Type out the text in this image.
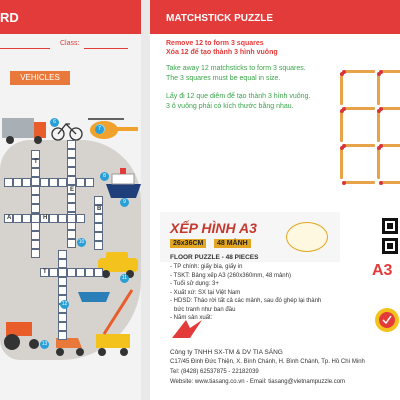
RD
Class:
VEHICLES
T
E
A	H
B
T
6
7
8
9
10
11
12
13
MATCHSTICK PUZZLE
Remove 12 to form 3 squares
Xóa 12 để tạo thành 3 hình vuông
Take away 12 matchsticks to form 3 squares.
The 3 squares must be equal in size.
Lấy đi 12 que diêm để tạo thành 3 hình vuông.
3 ô vuông phải có kích thước bằng nhau.
XẾP HÌNH A3
26x36CM	48 MẢNH
FLOOR PUZZLE - 48 PIECES
- TP chính: giấy bìa, giấy in
- TSKT: Bảng xếp A3 (260x360mm, 48 mảnh)
- Tuổi sử dụng: 3+
- Xuất xứ: SX tại Việt Nam
- HDSD: Tháo rời tất cả các mảnh, sau đó ghép lại thành
bức tranh như ban đầu
- Năm sản xuất:
A3
Công ty TNHH SX-TM & DV TIA SÁNG
C17/45 Đinh Đức Thiện, X. Bình Chánh, H. Bình Chánh, Tp. Hồ Chí Minh
Tel: (8428) 62537875 - 22182039
Website: www.tiasang.co.vn - Email: tiasang@vietnampuzzle.com
